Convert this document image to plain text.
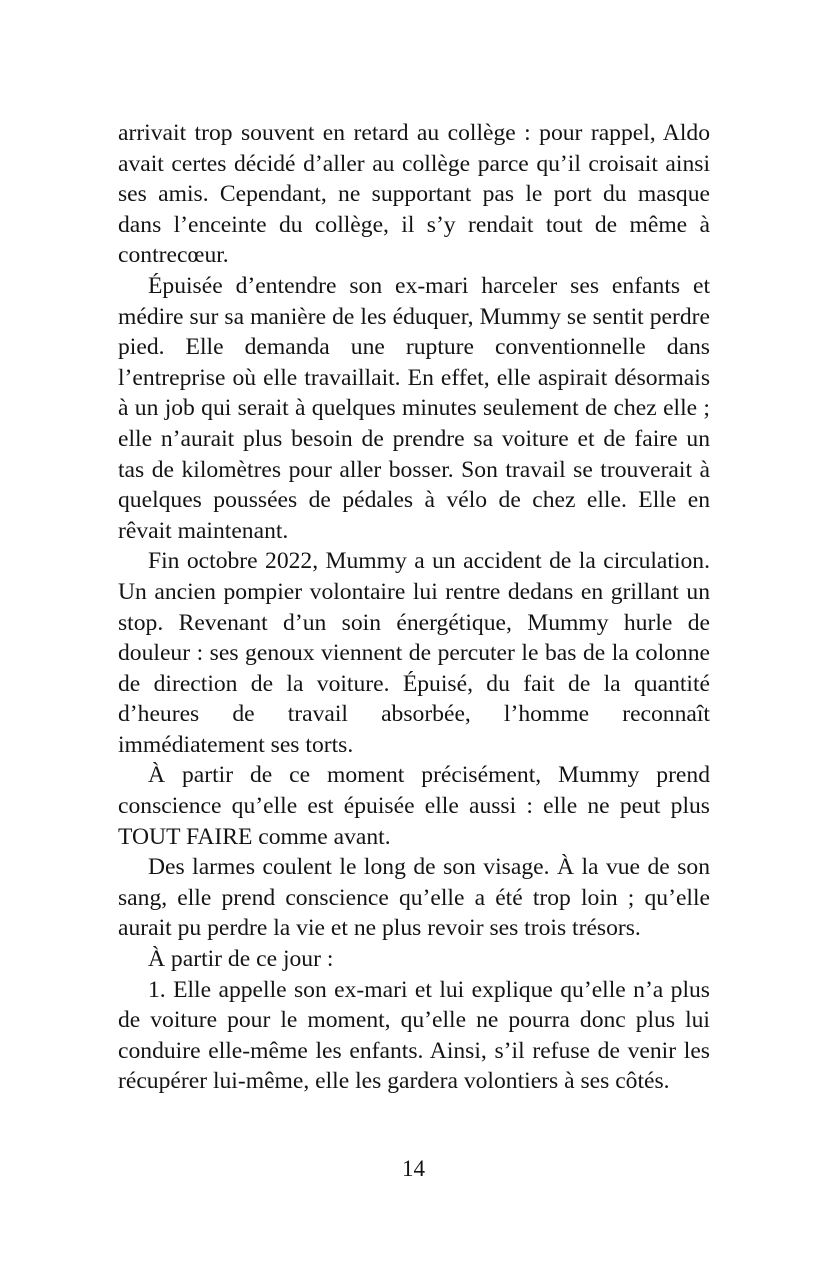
arrivait trop souvent en retard au collège : pour rappel, Aldo avait certes décidé d’aller au collège parce qu’il croisait ainsi ses amis. Cependant, ne supportant pas le port du masque dans l’enceinte du collège, il s’y rendait tout de même à contrecœur.

Épuisée d’entendre son ex-mari harceler ses enfants et médire sur sa manière de les éduquer, Mummy se sentit perdre pied. Elle demanda une rupture conventionnelle dans l’entreprise où elle travaillait. En effet, elle aspirait désormais à un job qui serait à quelques minutes seulement de chez elle ; elle n’aurait plus besoin de prendre sa voiture et de faire un tas de kilomètres pour aller bosser. Son travail se trouverait à quelques poussées de pédales à vélo de chez elle. Elle en rêvait maintenant.

Fin octobre 2022, Mummy a un accident de la circulation. Un ancien pompier volontaire lui rentre dedans en grillant un stop. Revenant d’un soin énergétique, Mummy hurle de douleur : ses genoux viennent de percuter le bas de la colonne de direction de la voiture. Épuisé, du fait de la quantité d’heures de travail absorbée, l’homme reconnaît immédiatement ses torts.

À partir de ce moment précisément, Mummy prend conscience qu’elle est épuisée elle aussi : elle ne peut plus TOUT FAIRE comme avant.

Des larmes coulent le long de son visage. À la vue de son sang, elle prend conscience qu’elle a été trop loin ; qu’elle aurait pu perdre la vie et ne plus revoir ses trois trésors.

À partir de ce jour :

1. Elle appelle son ex-mari et lui explique qu’elle n’a plus de voiture pour le moment, qu’elle ne pourra donc plus lui conduire elle-même les enfants. Ainsi, s’il refuse de venir les récupérer lui-même, elle les gardera volontiers à ses côtés.

14
